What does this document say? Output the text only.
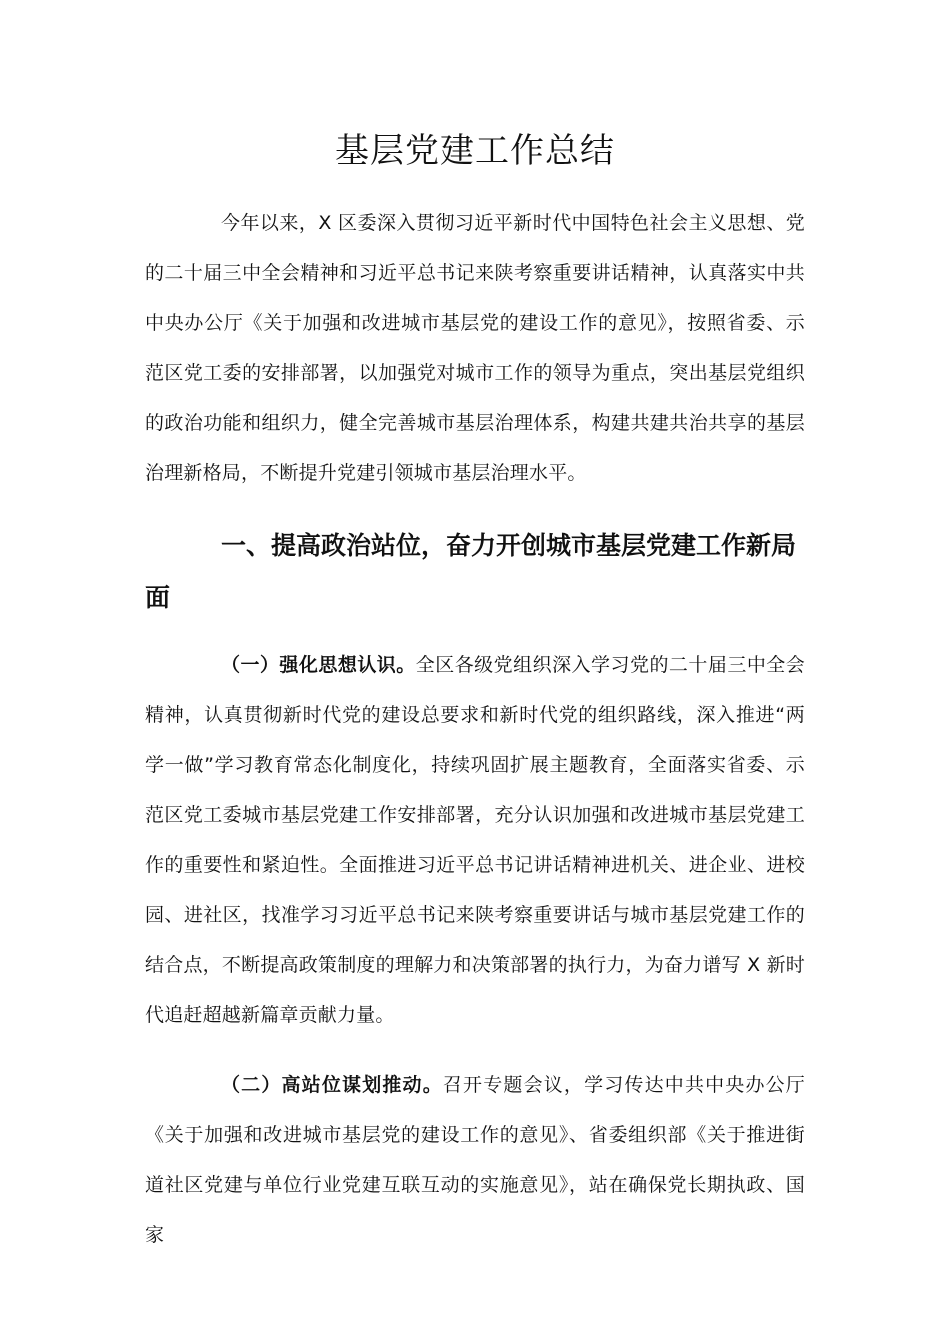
基层党建工作总结

今年以来，X 区委深入贯彻习近平新时代中国特色社会主义思想、党的二十届三中全会精神和习近平总书记来陕考察重要讲话精神，认真落实中共中央办公厅《关于加强和改进城市基层党的建设工作的意见》，按照省委、示范区党工委的安排部署，以加强党对城市工作的领导为重点，突出基层党组织的政治功能和组织力，健全完善城市基层治理体系，构建共建共治共享的基层治理新格局，不断提升党建引领城市基层治理水平。

一、提高政治站位，奋力开创城市基层党建工作新局面

（一）强化思想认识。全区各级党组织深入学习党的二十届三中全会精神，认真贯彻新时代党的建设总要求和新时代党的组织路线，深入推进“两学一做”学习教育常态化制度化，持续巩固扩展主题教育，全面落实省委、示范区党工委城市基层党建工作安排部署，充分认识加强和改进城市基层党建工作的重要性和紧迫性。全面推进习近平总书记讲话精神进机关、进企业、进校园、进社区，找准学习习近平总书记来陕考察重要讲话与城市基层党建工作的结合点，不断提高政策制度的理解力和决策部署的执行力，为奋力谱写 X 新时代追赶超越新篇章贡献力量。

（二）高站位谋划推动。召开专题会议，学习传达中共中央办公厅《关于加强和改进城市基层党的建设工作的意见》、省委组织部《关于推进街道社区党建与单位行业党建互联互动的实施意见》，站在确保党长期执政、国家
